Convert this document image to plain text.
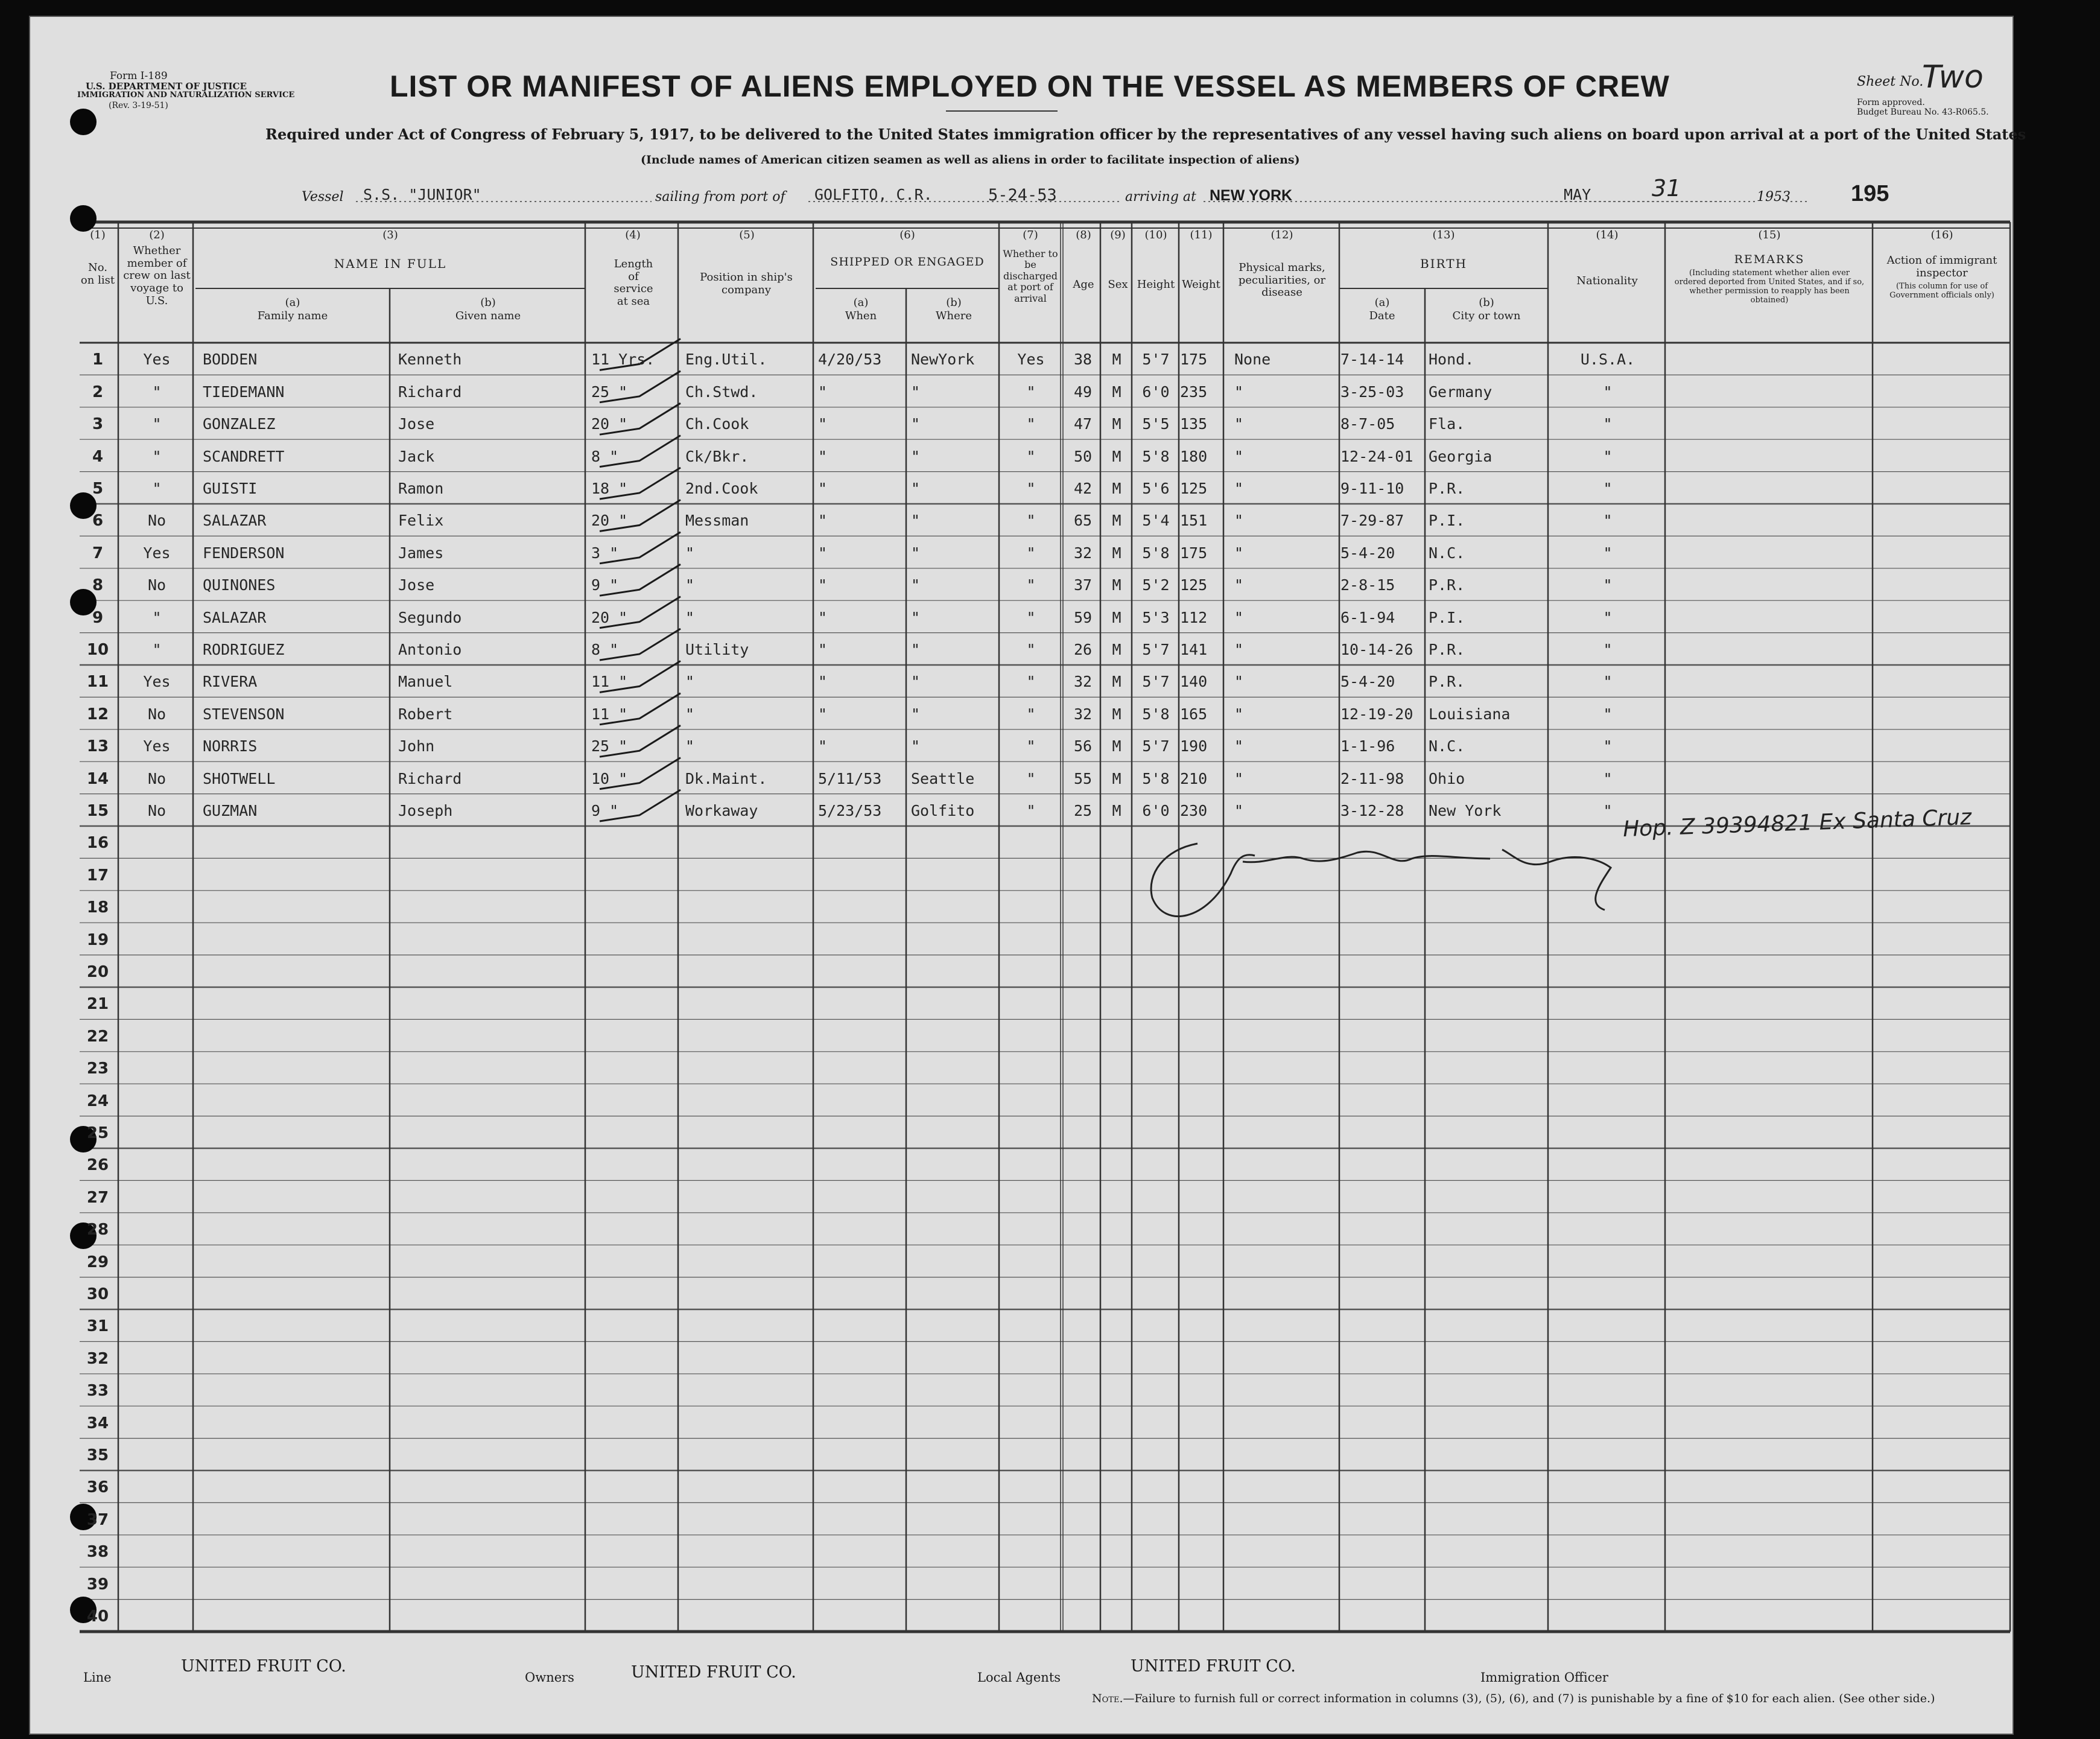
Form I-189
U.S. DEPARTMENT OF JUSTICE
IMMIGRATION AND NATURALIZATION SERVICE
(Rev. 3-19-51)
LIST OR MANIFEST OF ALIENS EMPLOYED ON THE VESSEL AS MEMBERS OF CREW
Required under Act of Congress of February 5, 1917, to be delivered to the United States immigration officer by the representatives of any vessel having such aliens on board upon arrival at a port of the United States
(Include names of American citizen seamen as well as aliens in order to facilitate inspection of aliens)
Sheet No.
Two
Form approved.
Budget Bureau No. 43-R065.5.
Vessel S.S. "JUNIOR"	sailing from port of GOLFITO, C.R.	5-24-53	arriving at NEW YORK	MAY	31	1953	195
(1)
No. on list
(2)
Whether member of crew on last voyage to U.S.
(3)
NAME IN FULL
(a)
Family name
(b)
Given name
(4)
Length of service at sea
(5)
Position in ship's company
(6)
SHIPPED OR ENGAGED
(a)
When
(b)
Where
(7)
Whether to be discharged at port of arrival
(8)
Age
(9)
Sex
(10)
Height
(11)
Weight
(12)
Physical marks, peculiarities, or disease
(13)
BIRTH
(a)
Date
(b)
City or town
(14)
Nationality
(15)
REMARKS
(Including statement whether alien ever ordered deported from United States, and if so, whether permission to reapply has been obtained)
(16)
Action of immigrant inspector
(This column for use of Government officials only)
1	Yes	BODDEN	Kenneth	11 Yrs.	Eng.Util.	4/20/53	NewYork	Yes	38	M	5'7 175	None	7-14-14	Hond.	U.S.A.
2	"	TIEDEMANN	Richard	25 "	Ch.Stwd.	"	"	"	49	M	6'0 235	"	3-25-03	Germany	"
3	"	GONZALEZ	Jose	20 "	Ch.Cook	"	"	"	47	M	5'5 135	"	8-7-05	Fla.	"
4	"	SCANDRETT	Jack	8 "	Ck/Bkr.	"	"	"	50	M	5'8 180	"	12-24-01	Georgia	"
5	"	GUISTI	Ramon	18 "	2nd.Cook	"	"	"	42	M	5'6 125	"	9-11-10	P.R.	"
6	No	SALAZAR	Felix	20 "	Messman	"	"	"	65	M	5'4 151	"	7-29-87	P.I.	"
7	Yes	FENDERSON	James	3 "	"	"	"	"	32	M	5'8 175	"	5-4-20	N.C.	"
8	No	QUINONES	Jose	9 "	"	"	"	"	37	M	5'2 125	"	2-8-15	P.R.	"
9	"	SALAZAR	Segundo	20 "	"	"	"	"	59	M	5'3 112	"	6-1-94	P.I.	"
10	"	RODRIGUEZ	Antonio	8 "	Utility	"	"	"	26	M	5'7 141	"	10-14-26	P.R.	"
11	Yes	RIVERA	Manuel	11 "	"	"	"	"	32	M	5'7 140	"	5-4-20	P.R.	"
12	No	STEVENSON	Robert	11 "	"	"	"	"	32	M	5'8 165	"	12-19-20	Louisiana	"
13	Yes	NORRIS	John	25 "	"	"	"	"	56	M	5'7 190	"	1-1-96	N.C.	"
14	No	SHOTWELL	Richard	10 "	Dk.Maint.	5/11/53	Seattle	"	55	M	5'8 210	"	2-11-98	Ohio	"
15	No	GUZMAN	Joseph	9 "	Workaway	5/23/53	Golfito	"	25	M	6'0 230	"	3-12-28	New York	"
16
17
18
19
20
21
22
23
24
25
26
27
28
29
30
31
32
33
34
35
36
37
38
39
40
Hop. Z 39394821 Ex Santa Cruz
Line
UNITED FRUIT CO.
Owners	UNITED FRUIT CO.	Local Agents
UNITED FRUIT CO.
Immigration Officer
Note.—Failure to furnish full or correct information in columns (3), (5), (6), and (7) is punishable by a fine of $10 for each alien. (See other side.)
